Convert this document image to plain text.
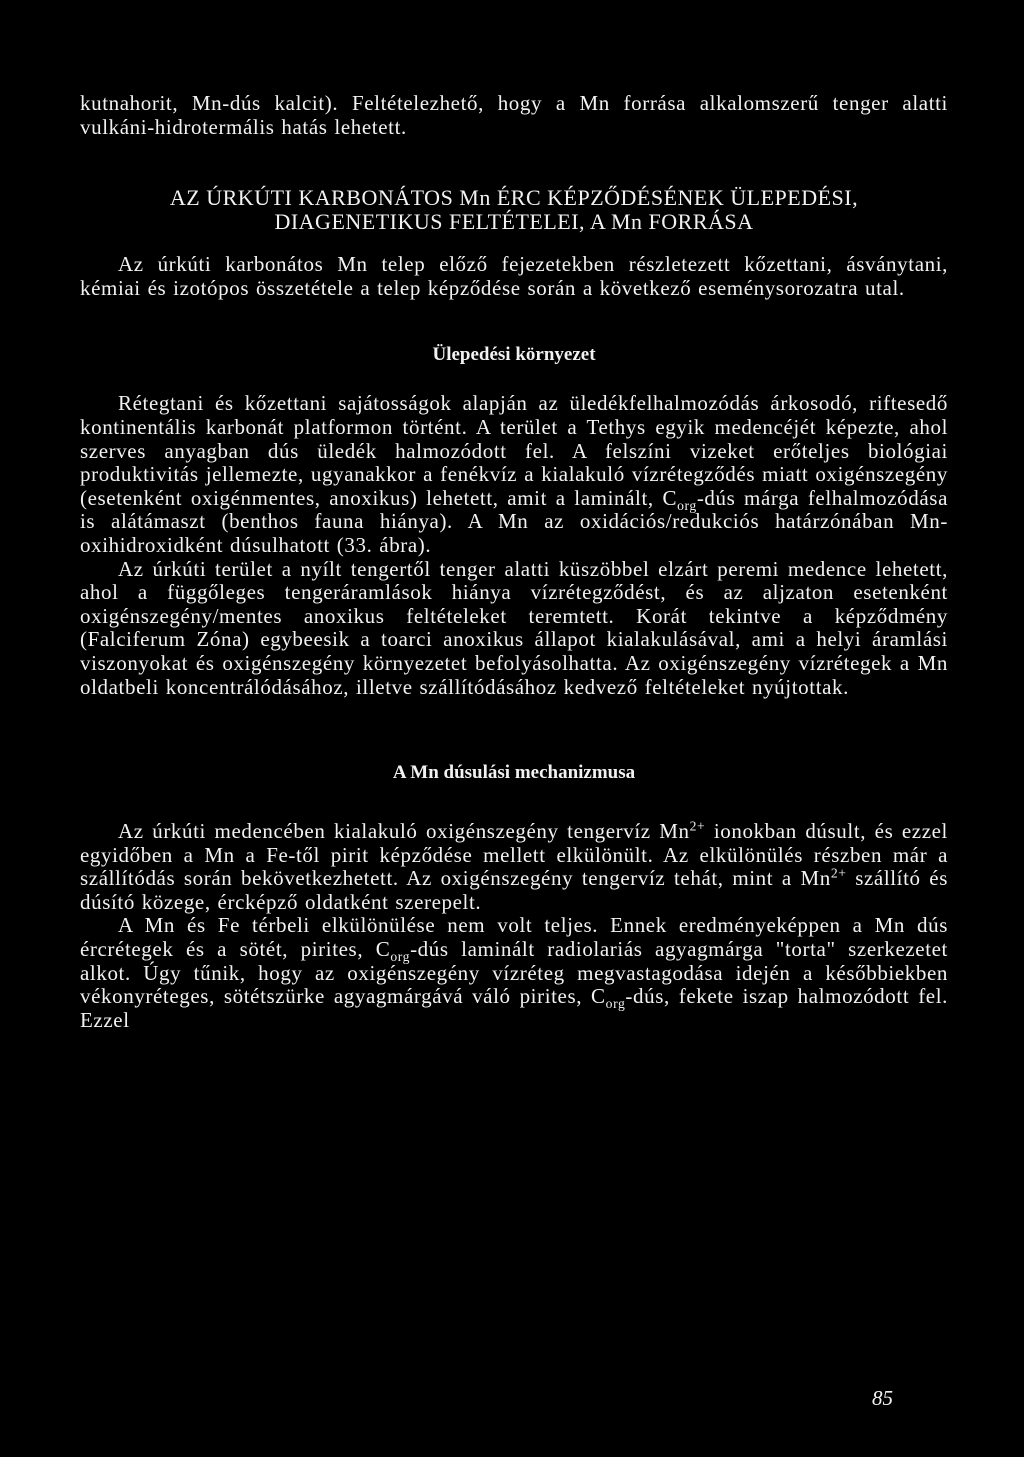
kutnahorit, Mn-dús kalcit). Feltételezhető, hogy a Mn forrása alkalomszerű tenger alatti vulkáni-hidrotermális hatás lehetett.

AZ ÚRKÚTI KARBONÁTOS Mn ÉRC KÉPZŐDÉSÉNEK ÜLEPEDÉSI,

DIAGENETIKUS FELTÉTELEI, A Mn FORRÁSA

Az úrkúti karbonátos Mn telep előző fejezetekben részletezett kőzettani, ásványtani, kémiai és izotópos összetétele a telep képződése során a következő eseménysorozatra utal.

Ülepedési környezet

Rétegtani és kőzettani sajátosságok alapján az üledékfelhalmozódás árkosodó, riftesedő kontinentális karbonát platformon történt. A terület a Tethys egyik medencéjét képezte, ahol szerves anyagban dús üledék halmozódott fel. A felszíni vizeket erőteljes biológiai produktivitás jellemezte, ugyanakkor a fenékvíz a kialakuló vízrétegződés miatt oxigénszegény (esetenként oxigénmentes, anoxikus) lehetett, amit a laminált, $C_{org}$-dús márga felhalmozódása is alátámaszt (benthos fauna hiánya). A Mn az oxidációs/redukciós határzónában Mn-oxihidroxidként dúsulhatott (33. ábra).

Az úrkúti terület a nyílt tengertől tenger alatti küszöbbel elzárt peremi medence lehetett, ahol a függőleges tengeráramlások hiánya vízrétegződést, és az aljzaton esetenként oxigénszegény/mentes anoxikus feltételeket teremtett. Korát tekintve a képződmény (Falciferum Zóna) egybeesik a toarci anoxikus állapot kialakulásával, ami a helyi áramlási viszonyokat és oxigénszegény környezetet befolyásolhatta. Az oxigénszegény vízrétegek a Mn oldatbeli koncentrálódásához, illetve szállítódásához kedvező feltételeket nyújtottak.

A Mn dúsulási mechanizmusa

Az úrkúti medencében kialakuló oxigénszegény tengervíz $Mn^{2+}$ ionokban dúsult, és ezzel egyidőben a Mn a Fe-től pirit képződése mellett elkülönült. Az elkülönülés részben már a szállítódás során bekövetkezhetett. Az oxigénszegény tengervíz tehát, mint a $Mn^{2+}$ szállító és dúsító közege, ércképző oldatként szerepelt.

A Mn és Fe térbeli elkülönülése nem volt teljes. Ennek eredményeképpen a Mn dús ércrétegek és a sötét, pirites, $C_{org}$-dús laminált radiolariás agyagmárga "torta" szerkezetet alkot. Úgy tűnik, hogy az oxigénszegény vízréteg megvastagodása idején a későbbiekben vékonyréteges, sötétszürke agyagmárgává váló pirites, $C_{org}$-dús, fekete iszap halmozódott fel. Ezzel

85
